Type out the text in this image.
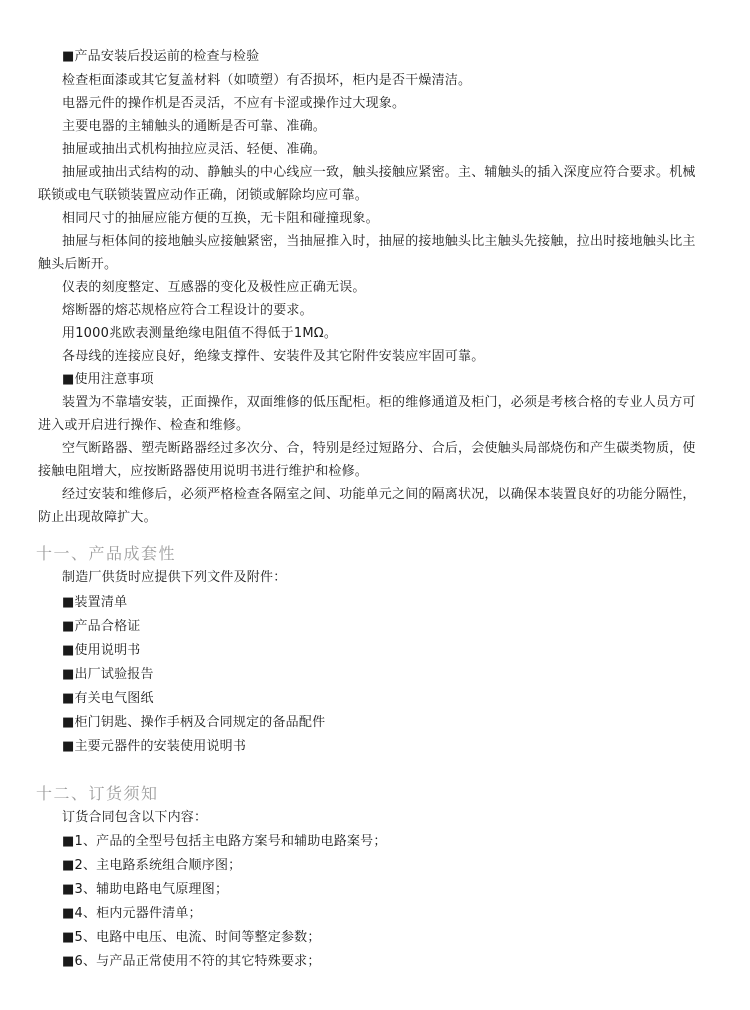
■产品安装后投运前的检查与检验
检查柜面漆或其它复盖材料（如喷塑）有否损坏，柜内是否干燥清洁。
电器元件的操作机是否灵活，不应有卡涩或操作过大现象。
主要电器的主辅触头的通断是否可靠、准确。
抽屉或抽出式机构抽拉应灵活、轻便、准确。
抽屉或抽出式结构的动、静触头的中心线应一致，触头接触应紧密。主、辅触头的插入深度应符合要求。机械
联锁或电气联锁装置应动作正确，闭锁或解除均应可靠。
相同尺寸的抽屉应能方便的互换，无卡阻和碰撞现象。
抽屉与柜体间的接地触头应接触紧密，当抽屉推入时，抽屉的接地触头比主触头先接触，拉出时接地触头比主
触头后断开。
仪表的刻度整定、互感器的变化及极性应正确无误。
熔断器的熔芯规格应符合工程设计的要求。
用1000兆欧表测量绝缘电阻值不得低于1MΩ。
各母线的连接应良好，绝缘支撑件、安装件及其它附件安装应牢固可靠。
■使用注意事项
装置为不靠墙安装，正面操作，双面维修的低压配柜。柜的维修通道及柜门，必须是考核合格的专业人员方可
进入或开启进行操作、检查和维修。
空气断路器、塑壳断路器经过多次分、合，特别是经过短路分、合后，会使触头局部烧伤和产生碳类物质，使
接触电阻增大，应按断路器使用说明书进行维护和检修。
经过安装和维修后，必须严格检查各隔室之间、功能单元之间的隔离状况，以确保本装置良好的功能分隔性，
防止出现故障扩大。
十一、产品成套性
制造厂供货时应提供下列文件及附件：
■装置清单
■产品合格证
■使用说明书
■出厂试验报告
■有关电气图纸
■柜门钥匙、操作手柄及合同规定的备品配件
■主要元器件的安装使用说明书
十二、订货须知
订货合同包含以下内容：
■1、产品的全型号包括主电路方案号和辅助电路案号；
■2、主电路系统组合顺序图；
■3、辅助电路电气原理图；
■4、柜内元器件清单；
■5、电路中电压、电流、时间等整定参数；
■6、与产品正常使用不符的其它特殊要求；
